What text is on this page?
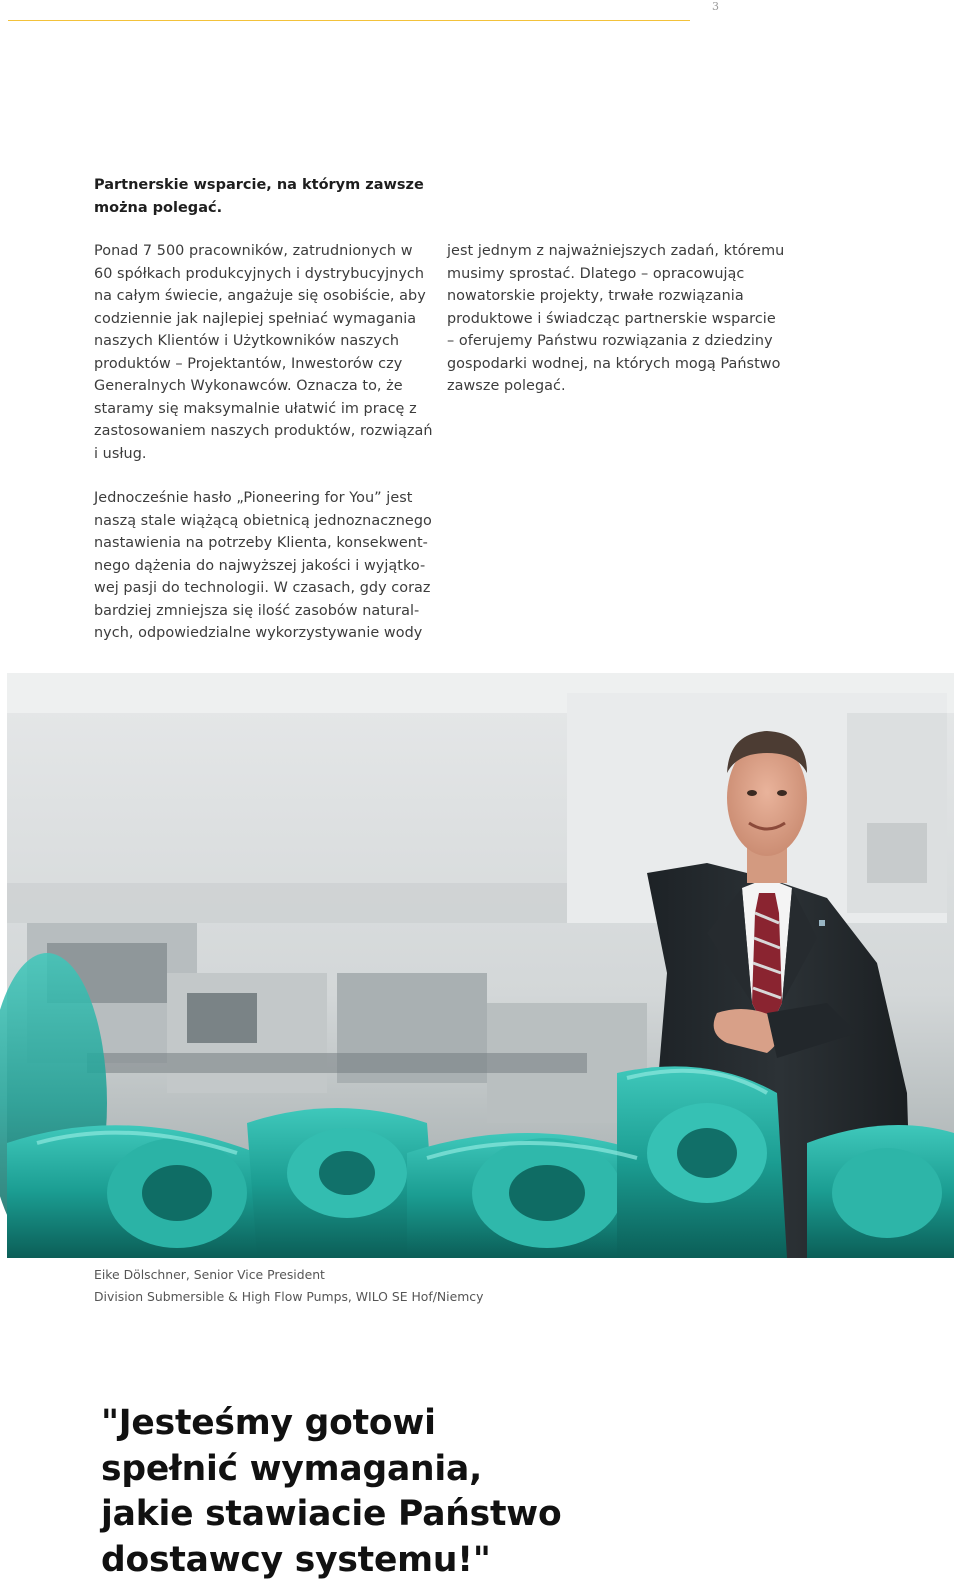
3
Partnerskie wsparcie, na którym zawsze
można polegać.
Ponad 7 500 pracowników, zatrudnionych w
60 spółkach produkcyjnych i dystrybucyjnych
na całym świecie, angażuje się osobiście, aby
codziennie jak najlepiej spełniać wymagania
naszych Klientów i Użytkowników naszych
produktów – Projektantów, Inwestorów czy
Generalnych Wykonawców. Oznacza to, że
staramy się maksymalnie ułatwić im pracę z
zastosowaniem naszych produktów, rozwiązań
i usług.
Jednocześnie hasło „Pioneering for You” jest
naszą stale wiążącą obietnicą jednoznacznego
nastawienia na potrzeby Klienta, konsekwent-
nego dążenia do najwyższej jakości i wyjątko-
wej pasji do technologii. W czasach, gdy coraz
bardziej zmniejsza się ilość zasobów natural-
nych, odpowiedzialne wykorzystywanie wody
jest jednym z najważniejszych zadań, któremu
musimy sprostać. Dlatego – opracowując
nowatorskie projekty, trwałe rozwiązania
produktowe i świadcząc partnerskie wsparcie
– oferujemy Państwu rozwiązania z dziedziny
gospodarki wodnej, na których mogą Państwo
zawsze polegać.
"Jesteśmy gotowi
spełnić wymagania,
jakie stawiacie Państwo
dostawcy systemu!"
Eike Dölschner, Senior Vice President
Division Submersible & High Flow Pumps, WILO SE Hof/Niemcy
